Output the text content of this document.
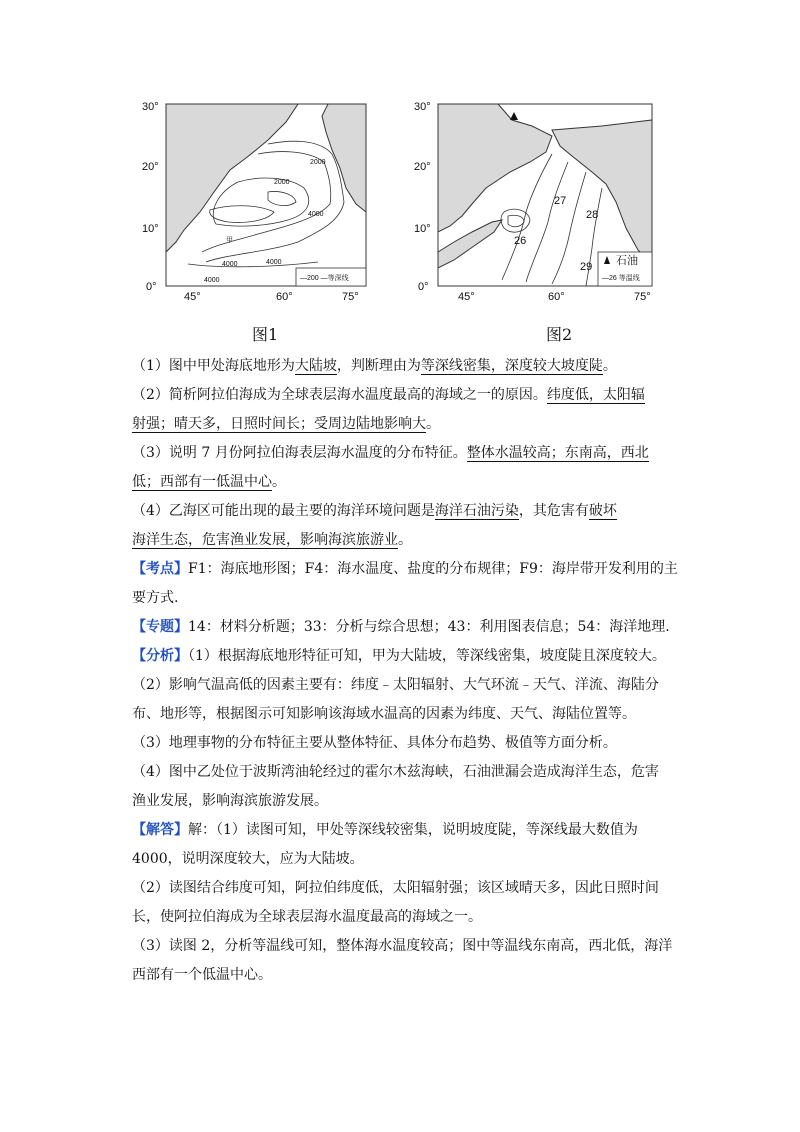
2000
2000
4000
4000
4000
4000
甲
—200 —等深线
30°
20°
10°
0°
45°	60°	75°
图1
27
28
26
29 石油
—26 等温线
30°
20°
10°
0°
45°	60°	75°
图2

（1）图中甲处海底地形为大陆坡，判断理由为等深线密集，深度较大坡度陡。

（2）简析阿拉伯海成为全球表层海水温度最高的海域之一的原因。纬度低，太阳辐

射强；晴天多，日照时间长；受周边陆地影响大。

（3）说明 7 月份阿拉伯海表层海水温度的分布特征。整体水温较高；东南高，西北

低；西部有一低温中心。

（4）乙海区可能出现的最主要的海洋环境问题是海洋石油污染，其危害有破坏

海洋生态，危害渔业发展，影响海滨旅游业。

【考点】F1：海底地形图；F4：海水温度、盐度的分布规律；F9：海岸带开发利用的主

要方式.

【专题】14：材料分析题；33：分析与综合思想；43：利用图表信息；54：海洋地理.

【分析】（1）根据海底地形特征可知，甲为大陆坡，等深线密集，坡度陡且深度较大。

（2）影响气温高低的因素主要有：纬度﹣太阳辐射、大气环流﹣天气、洋流、海陆分

布、地形等，根据图示可知影响该海域水温高的因素为纬度、天气、海陆位置等。

（3）地理事物的分布特征主要从整体特征、具体分布趋势、极值等方面分析。

（4）图中乙处位于波斯湾油轮经过的霍尔木兹海峡，石油泄漏会造成海洋生态，危害

渔业发展，影响海滨旅游发展。

【解答】解：（1）读图可知，甲处等深线较密集，说明坡度陡，等深线最大数值为

4000，说明深度较大，应为大陆坡。

（2）读图结合纬度可知，阿拉伯纬度低，太阳辐射强；该区域晴天多，因此日照时间

长，使阿拉伯海成为全球表层海水温度最高的海域之一。

（3）读图 2，分析等温线可知，整体海水温度较高；图中等温线东南高，西北低，海洋

西部有一个低温中心。
